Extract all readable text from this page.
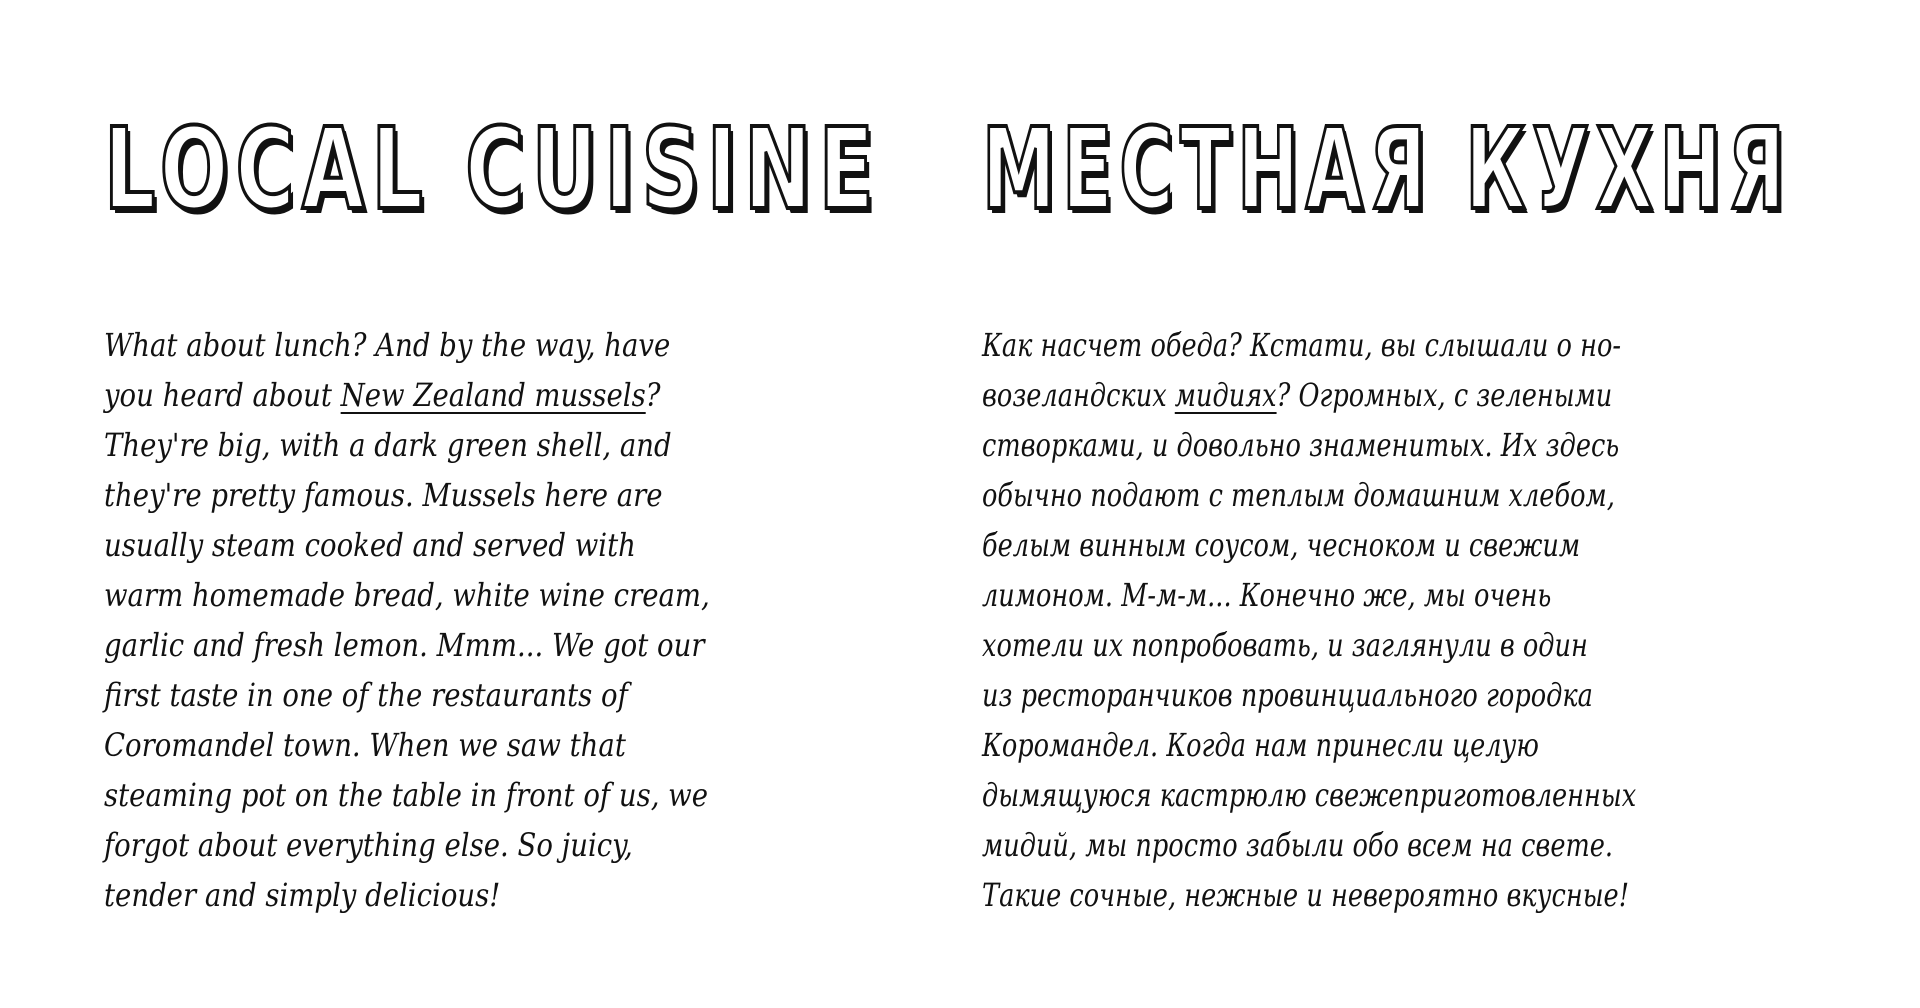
LOCAL CUISINE
What about lunch? And by the way, have
you heard about New Zealand mussels?
They're big, with a dark green shell, and
they're pretty famous. Mussels here are
usually steam cooked and served with
warm homemade bread, white wine cream,
garlic and fresh lemon. Mmm... We got our
first taste in one of the restaurants of
Coromandel town. When we saw that
steaming pot on the table in front of us, we
forgot about everything else. So juicy,
tender and simply delicious!
МЕСТНАЯ КУХНЯ
Как насчет обеда? Кстати, вы слышали о но-
возеландских мидиях? Огромных, с зелеными
створками, и довольно знаменитых. Их здесь
обычно подают с теплым домашним хлебом,
белым винным соусом, чесноком и свежим
лимоном. М-м-м... Конечно же, мы очень
хотели их попробовать, и заглянули в один
из ресторанчиков провинциального городка
Коромандел. Когда нам принесли целую
дымящуюся кастрюлю свежеприготовленных
мидий, мы просто забыли обо всем на свете.
Такие сочные, нежные и невероятно вкусные!
